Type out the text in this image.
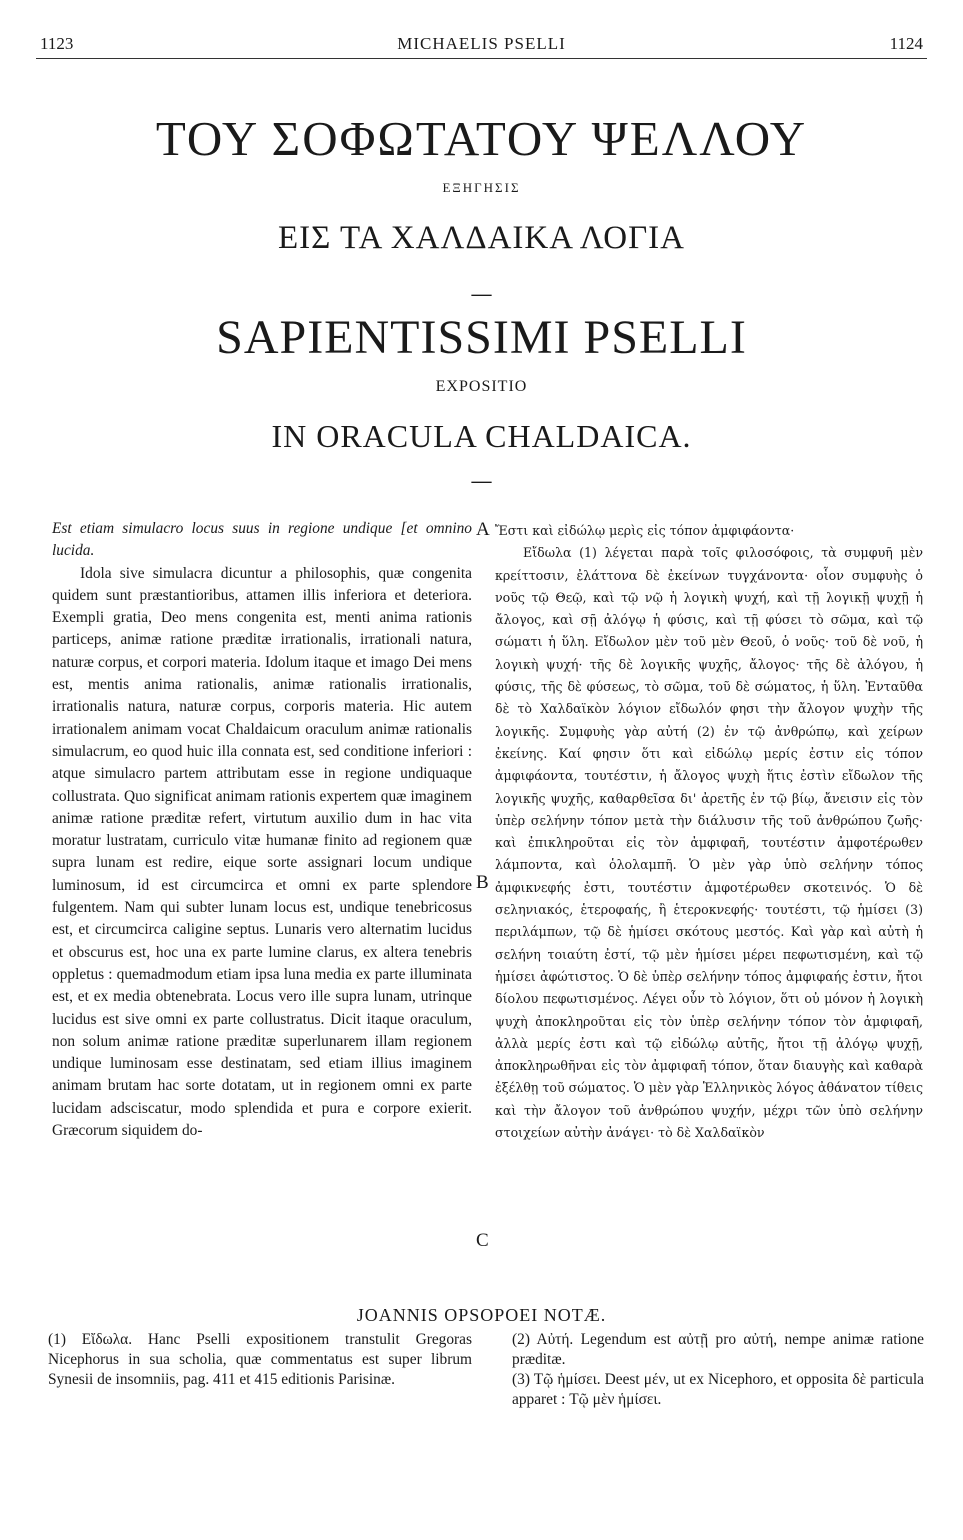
1123	MICHAELIS PSELLI	1124
ΤΟΥ ΣΟΦΩΤΑΤΟΥ ΨΕΛΛΟΥ
ΕΞΗΓΗΣΙΣ
ΕΙΣ ΤΑ ΧΑΛΔΑΙΚΑ ΛΟΓΙΑ
—
SAPIENTISSIMI PSELLI
EXPOSITIO
IN ORACULA CHALDAICA.
—

Est etiam simulacro locus suus in regione undique [et omnino lucida.

Idola sive simulacra dicuntur a philosophis, quæ congenita quidem sunt præstantioribus, attamen illis inferiora et deteriora. Exempli gratia, Deo mens congenita est, menti anima rationis particeps, animæ ratione præditæ irrationalis, irrationali natura, naturæ corpus, et corpori materia. Idolum itaque et imago Dei mens est, mentis anima rationalis, animæ rationalis irrationalis, irrationalis natura, naturæ corpus, corporis materia. Hic autem irrationalem animam vocat Chaldaicum oraculum animæ rationalis simulacrum, eo quod huic illa connata est, sed conditione inferiori : atque simulacro partem attributam esse in regione undiquaque collustrata. Quo significat animam rationis expertem quæ imaginem animæ ratione præditæ refert, virtutum auxilio dum in hac vita moratur lustratam, curriculo vitæ humanæ finito ad regionem quæ supra lunam est redire, eique sorte assignari locum undique luminosum, id est circumcirca et omni ex parte splendore fulgentem. Nam qui subter lunam locus est, undique tenebricosus est, et circumcirca caligine septus. Lunaris vero alternatim lucidus et obscurus est, hoc una ex parte lumine clarus, ex altera tenebris oppletus : quemadmodum etiam ipsa luna media ex parte illuminata est, et ex media obtenebrata. Locus vero ille supra lunam, utrinque lucidus est sive omni ex parte collustratus. Dicit itaque oraculum, non solum animæ ratione præditæ superlunarem illam regionem undique luminosam esse destinatam, sed etiam illius imaginem animam brutam hac sorte dotatam, ut in regionem omni ex parte lucidam adsciscatur, modo splendida et pura e corpore exierit. Græcorum siquidem do-

A
B
C

Ἔστι καὶ εἰδώλῳ μερὶς εἰς τόπον ἀμφιφάοντα·

Εἴδωλα (1) λέγεται παρὰ τοῖς φιλοσόφοις, τὰ συμφυῆ μὲν κρείττοσιν, ἐλάττονα δὲ ἐκείνων τυγχάνοντα· οἷον συμφυὴς ὁ νοῦς τῷ Θεῷ, καὶ τῷ νῷ ἡ λογικὴ ψυχή, καὶ τῇ λογικῇ ψυχῇ ἡ ἄλογος, καὶ σῇ ἀλόγῳ ἡ φύσις, καὶ τῇ φύσει τὸ σῶμα, καὶ τῷ σώματι ἡ ὕλη. Εἴδωλον μὲν τοῦ μὲν Θεοῦ, ὁ νοῦς· τοῦ δὲ νοῦ, ἡ λογικὴ ψυχή· τῆς δὲ λογικῆς ψυχῆς, ἄλογος· τῆς δὲ ἀλόγου, ἡ φύσις, τῆς δὲ φύσεως, τὸ σῶμα, τοῦ δὲ σώματος, ἡ ὕλη. Ἐνταῦθα δὲ τὸ Χαλδαϊκὸν λόγιον εἴδωλόν φησι τὴν ἄλογον ψυχὴν τῆς λογικῆς. Συμφυὴς γὰρ αὐτή (2) ἐν τῷ ἀνθρώπῳ, καὶ χείρων ἐκείνης. Καί φησιν ὅτι καὶ εἰδώλῳ μερίς ἐστιν εἰς τόπον ἀμφιφάοντα, τουτέστιν, ἡ ἄλογος ψυχὴ ἥτις ἐστὶν εἴδωλον τῆς λογικῆς ψυχῆς, καθαρθεῖσα δι' ἀρετῆς ἐν τῷ βίῳ, ἄνεισιν εἰς τὸν ὑπὲρ σελήνην τόπον μετὰ τὴν διάλυσιν τῆς τοῦ ἀνθρώπου ζωῆς· καὶ ἐπικληροῦται εἰς τὸν ἀμφιφαῆ, τουτέστιν ἀμφοτέρωθεν λάμποντα, καὶ ὁλολαμπῆ. Ὁ μὲν γὰρ ὑπὸ σελήνην τόπος ἀμφικνεφής ἐστι, τουτέστιν ἀμφοτέρωθεν σκοτεινός. Ὁ δὲ σεληνιακός, ἑτεροφαής, ἢ ἑτεροκνεφής· τουτέστι, τῷ ἡμίσει (3) περιλάμπων, τῷ δὲ ἡμίσει σκότους μεστός. Καὶ γὰρ καὶ αὐτὴ ἡ σελήνη τοιαύτη ἐστί, τῷ μὲν ἡμίσει μέρει πεφωτισμένη, καὶ τῷ ἡμίσει ἀφώτιστος. Ὁ δὲ ὑπὲρ σελήνην τόπος ἀμφιφαής ἐστιν, ἤτοι δίολου πεφωτισμένος. Λέγει οὖν τὸ λόγιον, ὅτι οὐ μόνον ἡ λογικὴ ψυχὴ ἀποκληροῦται εἰς τὸν ὑπὲρ σελήνην τόπον τὸν ἀμφιφαῆ, ἀλλὰ μερίς ἐστι καὶ τῷ εἰδώλῳ αὐτῆς, ἤτοι τῇ ἀλόγῳ ψυχῇ, ἀποκληρωθῆναι εἰς τὸν ἀμφιφαῆ τόπον, ὅταν διαυγὴς καὶ καθαρὰ ἐξέλθῃ τοῦ σώματος. Ὁ μὲν γὰρ Ἑλληνικὸς λόγος ἀθάνατον τίθεις καὶ τὴν ἄλογον τοῦ ἀνθρώπου ψυχήν, μέχρι τῶν ὑπὸ σελήνην στοιχείων αὐτὴν ἀνάγει· τὸ δὲ Χαλδαϊκὸν

JOANNIS OPSOPOEI NOTÆ.
(1) Εἴδωλα. Hanc Pselli expositionem transtulit Gregoras Nicephorus in sua scholia, quæ commentatus est super librum Synesii de insomniis, pag. 411 et 415 editionis Parisinæ.
(2) Αὐτή. Legendum est αὐτῇ pro αὐτή, nempe animæ ratione præditæ.
(3) Τῷ ἡμίσει. Deest μέν, ut ex Nicephoro, et opposita δὲ particula apparet : Τῷ μὲν ἡμίσει.
